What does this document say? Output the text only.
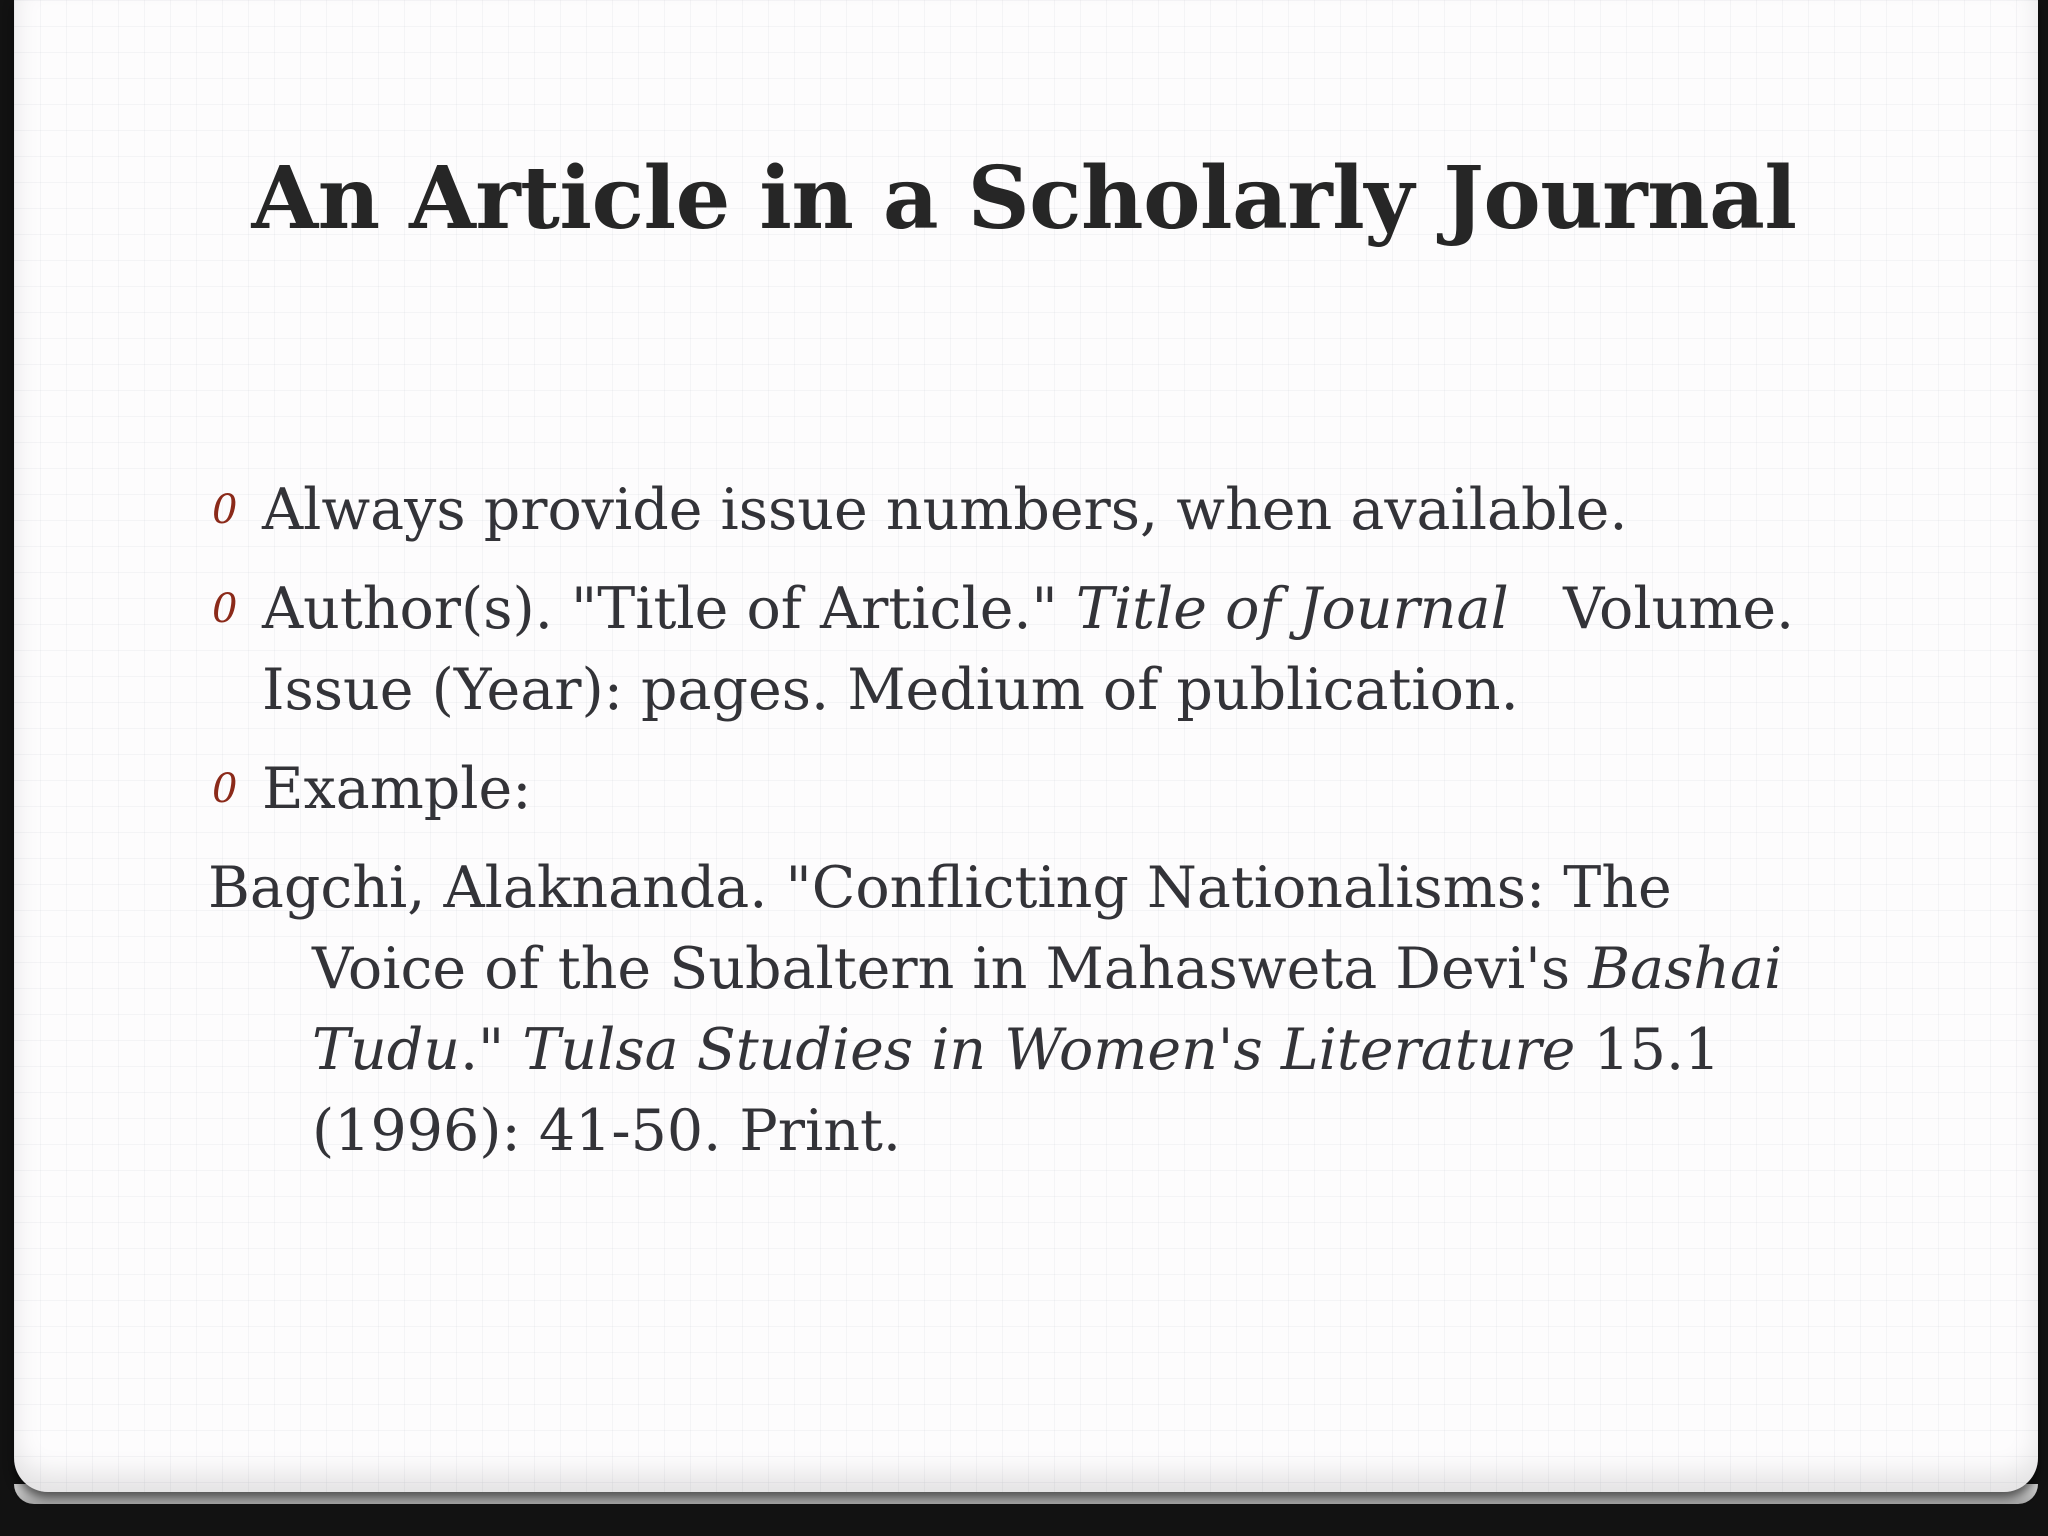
An Article in a Scholarly Journal
0 Always provide issue numbers, when available.
0 Author(s). "Title of Article." Title of Journal   Volume. Issue (Year): pages. Medium of publication.
0 Example:
Bagchi, Alaknanda. "Conflicting Nationalisms: The Voice of the Subaltern in Mahasweta Devi's Bashai Tudu." Tulsa Studies in Women's Literature 15.1 (1996): 41-50. Print.
